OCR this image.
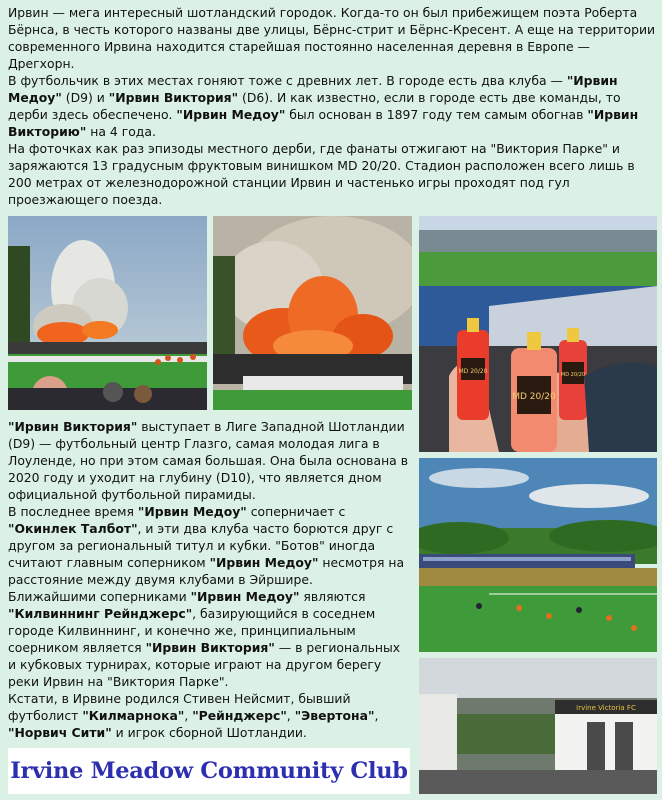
Ирвин — мега интересный шотландский городок. Когда-то он был прибежищем поэта Роберта Бёрнса, в честь которого названы две улицы, Бёрнс-стрит и Бёрнс-Кресент. А еще на территории современного Ирвина находится старейшая постоянно населенная деревня в Европе — Дрегхорн.

В футбольчик в этих местах гоняют тоже с древних лет. В городе есть два клуба — "Ирвин Медоу" (D9) и "Ирвин Виктория" (D6). И как известно, если в городе есть две команды, то дерби здесь обеспечено. "Ирвин Медоу" был основан в 1897 году тем самым обогнав "Ирвин Викторию" на 4 года.

На фоточках как раз эпизоды местного дерби, где фанаты отжигают на "Виктория Парке" и заряжаются 13 градусным фруктовым винишком MD 20/20. Стадион расположен всего лишь в 200 метрах от железнодорожной станции Ирвин и частенько игры проходят под гул проезжающего поезда.

MD 20/20
MD 20/20
MD 20/20
Irvine Victoria FC

"Ирвин Виктория" выступает в Лиге Западной Шотландии (D9) — футбольный центр Глазго, самая молодая лига в Лоуленде, но при этом самая большая. Она была основана в 2020 году и уходит на глубину (D10), что является дном официальной футбольной пирамиды.

В последнее время "Ирвин Медоу" соперничает с "Окинлек Талбот", и эти два клуба часто борются друг с другом за региональный титул и кубки. "Ботов" иногда считают главным соперником "Ирвин Медоу" несмотря на расстояние между двумя клубами в Эйршире.

Ближайшими соперниками "Ирвин Медоу" являются "Килвиннинг Рейнджерс", базирующийся в соседнем городе Килвиннинг, и конечно же, принципиальным соерником является "Ирвин Виктория" — в региональных и кубковых турнирах, которые играют на другом берегу реки Ирвин на "Виктория Парке".

Кстати, в Ирвине родился Стивен Нейсмит, бывший футболист "Килмарнока", "Рейнджерс", "Эвертона", "Норвич Сити" и игрок сборной Шотландии.

Irvine Meadow Community Club
